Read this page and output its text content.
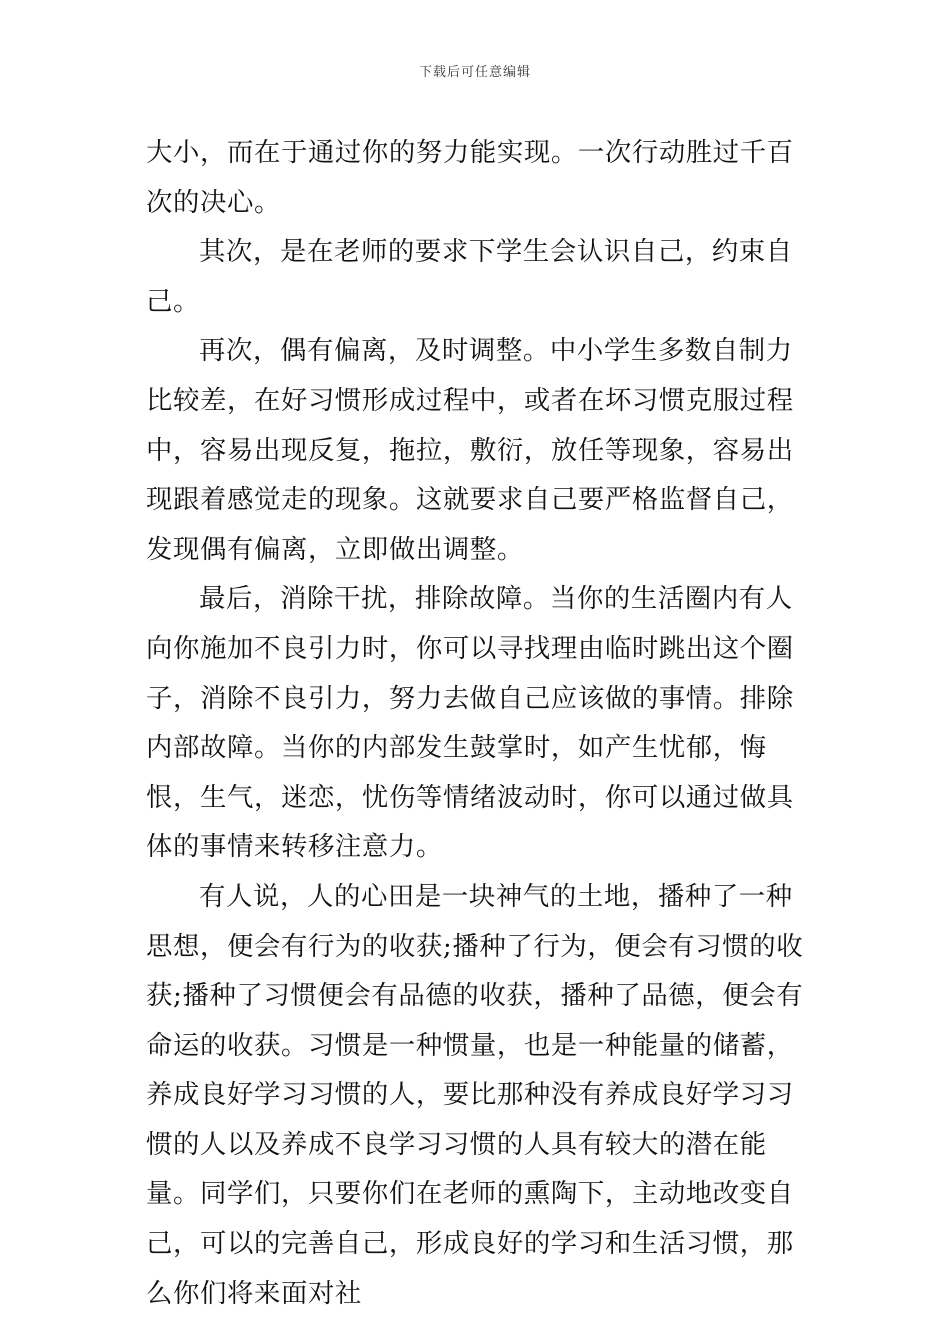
下载后可任意编辑

大小，而在于通过你的努力能实现。一次行动胜过千百次的决心。

其次，是在老师的要求下学生会认识自己，约束自己。

再次，偶有偏离，及时调整。中小学生多数自制力比较差，在好习惯形成过程中，或者在坏习惯克服过程中，容易出现反复，拖拉，敷衍，放任等现象，容易出现跟着感觉走的现象。这就要求自己要严格监督自己，发现偶有偏离，立即做出调整。

最后，消除干扰，排除故障。当你的生活圈内有人向你施加不良引力时，你可以寻找理由临时跳出这个圈子，消除不良引力，努力去做自己应该做的事情。排除内部故障。当你的内部发生鼓掌时，如产生忧郁，悔恨，生气，迷恋，忧伤等情绪波动时，你可以通过做具体的事情来转移注意力。

有人说，人的心田是一块神气的土地，播种了一种思想，便会有行为的收获;播种了行为，便会有习惯的收获;播种了习惯便会有品德的收获，播种了品德，便会有命运的收获。习惯是一种惯量，也是一种能量的储蓄，养成良好学习习惯的人，要比那种没有养成良好学习习惯的人以及养成不良学习习惯的人具有较大的潜在能量。同学们，只要你们在老师的熏陶下，主动地改变自己，可以的完善自己，形成良好的学习和生活习惯，那么你们将来面对社
